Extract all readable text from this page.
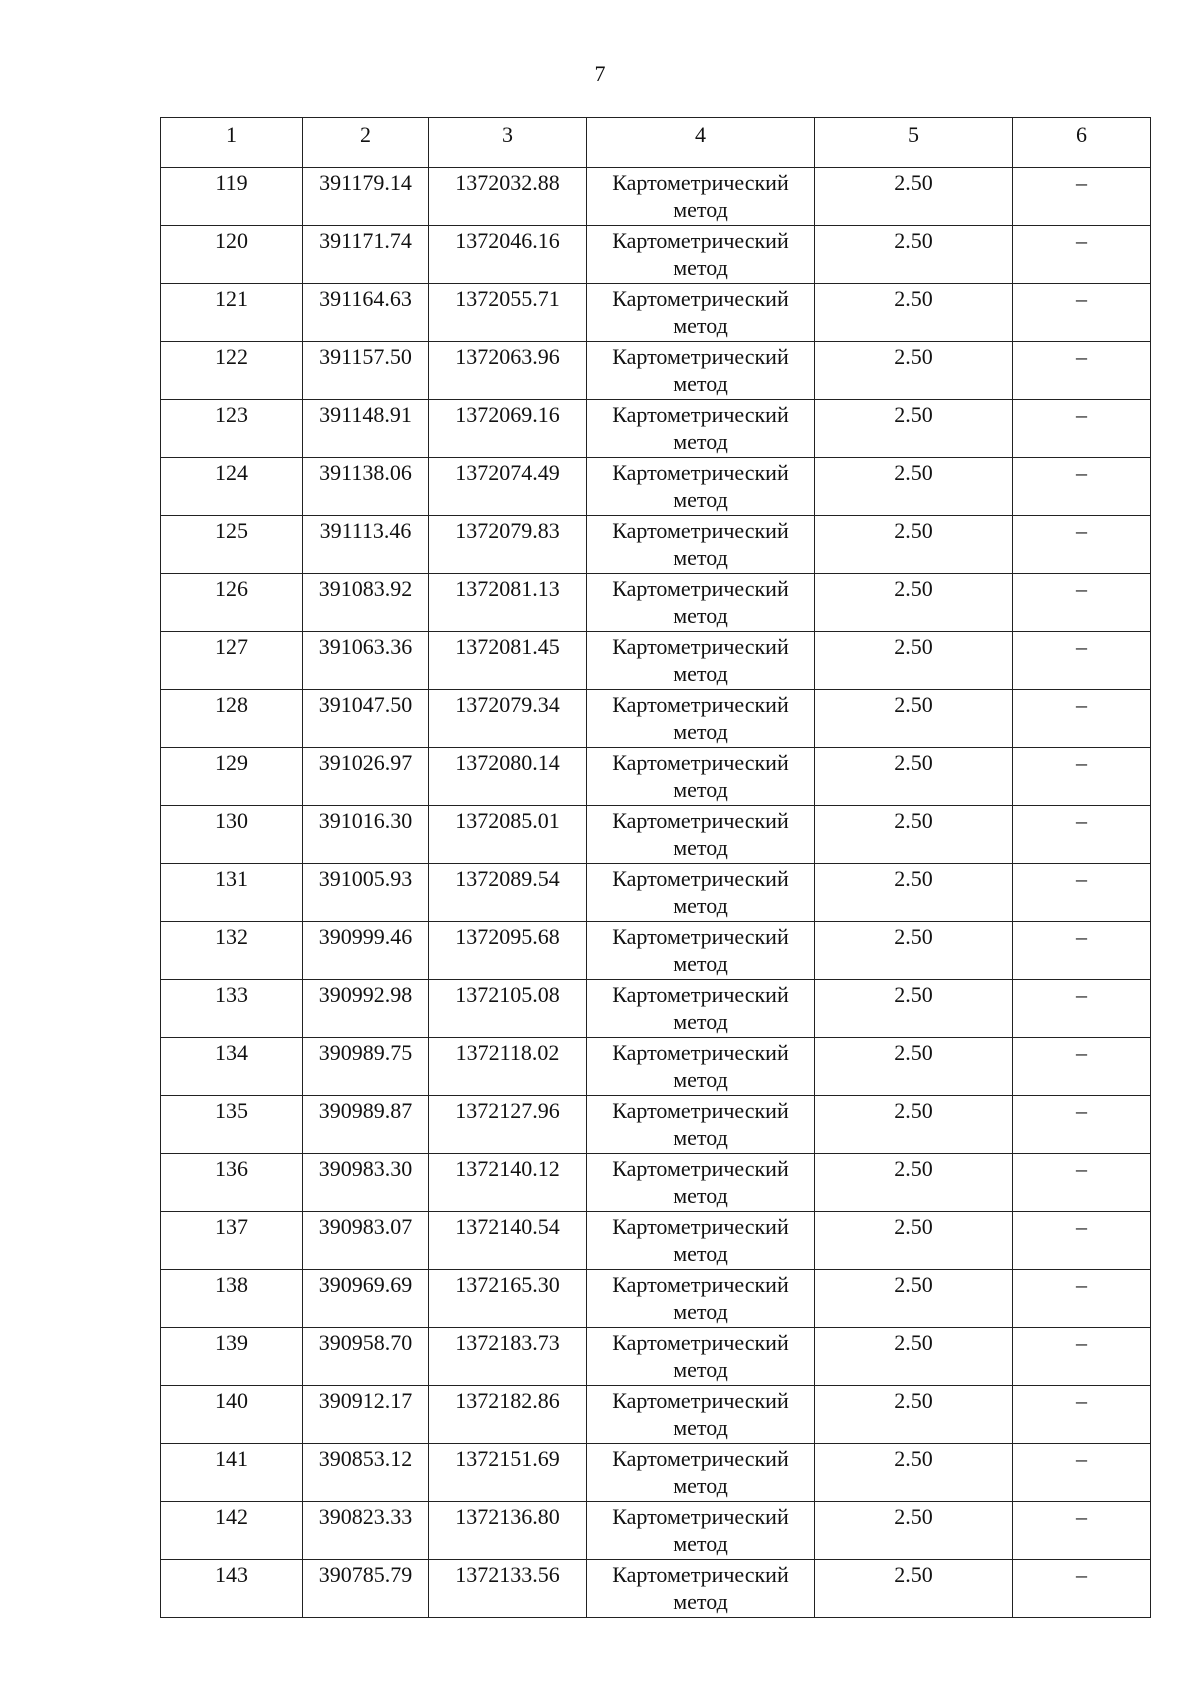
7
1	2	3	4	5	6
119	391179.14	1372032.88	Картометрический метод	2.50	–
120	391171.74	1372046.16	Картометрический метод	2.50	–
121	391164.63	1372055.71	Картометрический метод	2.50	–
122	391157.50	1372063.96	Картометрический метод	2.50	–
123	391148.91	1372069.16	Картометрический метод	2.50	–
124	391138.06	1372074.49	Картометрический метод	2.50	–
125	391113.46	1372079.83	Картометрический метод	2.50	–
126	391083.92	1372081.13	Картометрический метод	2.50	–
127	391063.36	1372081.45	Картометрический метод	2.50	–
128	391047.50	1372079.34	Картометрический метод	2.50	–
129	391026.97	1372080.14	Картометрический метод	2.50	–
130	391016.30	1372085.01	Картометрический метод	2.50	–
131	391005.93	1372089.54	Картометрический метод	2.50	–
132	390999.46	1372095.68	Картометрический метод	2.50	–
133	390992.98	1372105.08	Картометрический метод	2.50	–
134	390989.75	1372118.02	Картометрический метод	2.50	–
135	390989.87	1372127.96	Картометрический метод	2.50	–
136	390983.30	1372140.12	Картометрический метод	2.50	–
137	390983.07	1372140.54	Картометрический метод	2.50	–
138	390969.69	1372165.30	Картометрический метод	2.50	–
139	390958.70	1372183.73	Картометрический метод	2.50	–
140	390912.17	1372182.86	Картометрический метод	2.50	–
141	390853.12	1372151.69	Картометрический метод	2.50	–
142	390823.33	1372136.80	Картометрический метод	2.50	–
143	390785.79	1372133.56	Картометрический метод	2.50	–
